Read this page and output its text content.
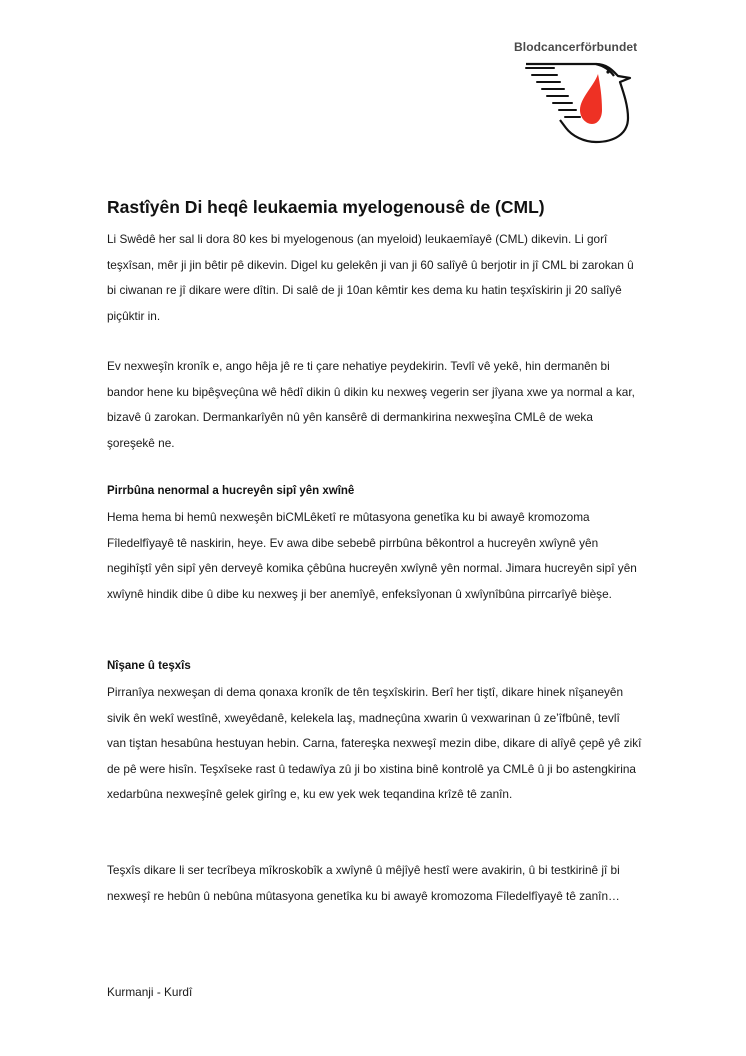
Blodcancerförbundet
Rastîyên Di heqê leukaemia myelogenousê de (CML)

Li Swêdê her sal li dora 80 kes bi myelogenous (an myeloid) leukaemîayê (CML) dikevin. Li gorî teşxîsan, mêr ji jin bêtir pê dikevin. Digel ku gelekên ji van ji 60 salîyê û berjotir in jî CML bi zarokan û bi ciwanan re jî dikare were dîtin. Di salê de ji 10an kêmtir kes dema ku hatin teşxîskirin ji 20 salîyê piçûktir in.

Ev nexweşîn kronîk e, ango hêja jê re ti çare nehatiye peydekirin. Tevlî vê yekê, hin dermanên bi bandor hene ku bipêşveçûna wê hêdî dikin û dikin ku nexweş vegerin ser jîyana xwe ya normal a kar, bizavê û zarokan. Dermankarîyên nû yên kansêrê di dermankirina nexweşîna CMLê de weka şoreşekê ne.

Pirrbûna nenormal a hucreyên sipî yên xwînê

Hema hema bi hemû nexweşên biCMLêketî re mûtasyona genetîka ku bi awayê kromozoma Fîledelfîyayê tê naskirin, heye. Ev awa dibe sebebê pirrbûna bêkontrol a hucreyên xwîynê yên negihîştî yên sipî yên derveyê komika çêbûna hucreyên xwîynê yên normal. Jimara hucreyên sipî yên xwîynê hindik dibe û dibe ku nexweş ji ber anemîyê, enfeksîyonan û xwîynîbûna pirrcarîyê bièşe.

Nîşane û teşxîs

Pirranîya nexweşan di dema qonaxa kronîk de tên teşxîskirin. Berî her tiştî, dikare hinek nîşaneyên sivik ên wekî westînê, xweyêdanê, kelekela laş, madneçûna xwarin û vexwarinan û ze’îfbûnê, tevlî van tiştan hesabûna hestuyan hebin. Carna, fatereşka nexweşî mezin dibe, dikare di alîyê çepê yê zikî de pê were hisîn. Teşxîseke rast û tedawîya zû ji bo xistina binê kontrolê ya CMLê û ji bo astengkirina xedarbûna nexweşînê gelek girîng e, ku ew yek wek teqandina krîzê tê zanîn.

Teşxîs dikare li ser tecrîbeya mîkroskobîk a xwîynê û mêjîyê hestî were avakirin, û bi testkirinê jî bi nexweşî re hebûn û nebûna mûtasyona genetîka ku bi awayê kromozoma Fîledelfîyayê tê zanîn…

Kurmanji - Kurdî
